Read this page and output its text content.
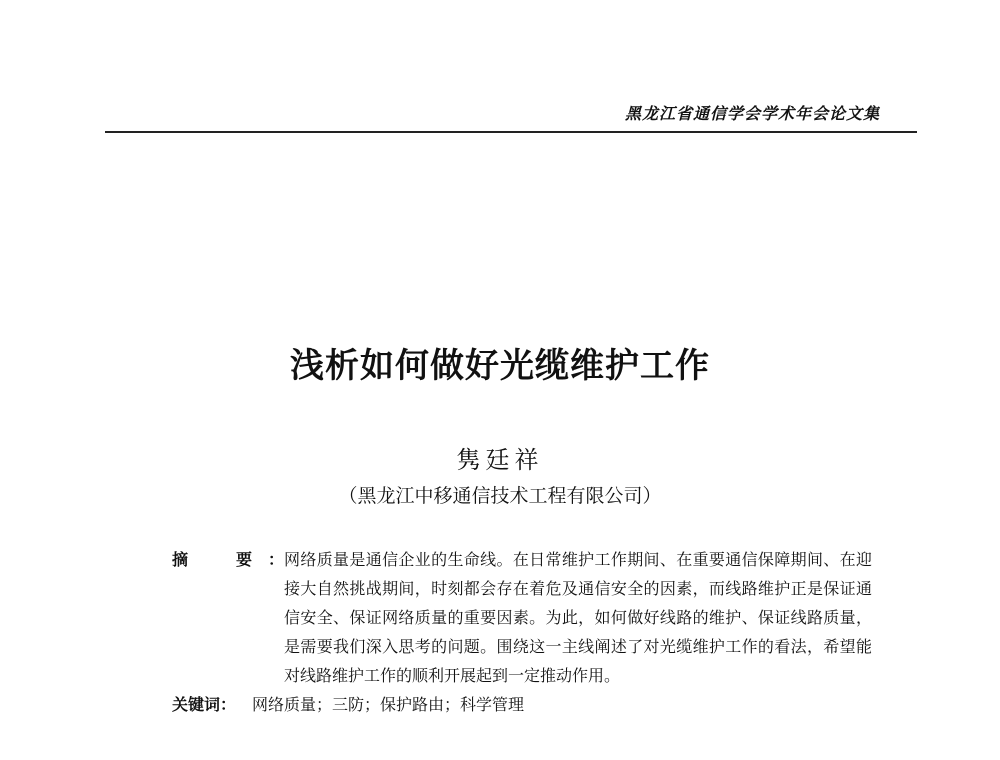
黑龙江省通信学会学术年会论文集
浅析如何做好光缆维护工作
隽廷祥
（黑龙江中移通信技术工程有限公司）
摘　要： 网络质量是通信企业的生命线。在日常维护工作期间、在重要通信保障期间、在迎接大自然挑战期间，时刻都会存在着危及通信安全的因素，而线路维护正是保证通信安全、保证网络质量的重要因素。为此，如何做好线路的维护、保证线路质量，是需要我们深入思考的问题。围绕这一主线阐述了对光缆维护工作的看法，希望能对线路维护工作的顺利开展起到一定推动作用。
关键词： 网络质量；三防；保护路由；科学管理
